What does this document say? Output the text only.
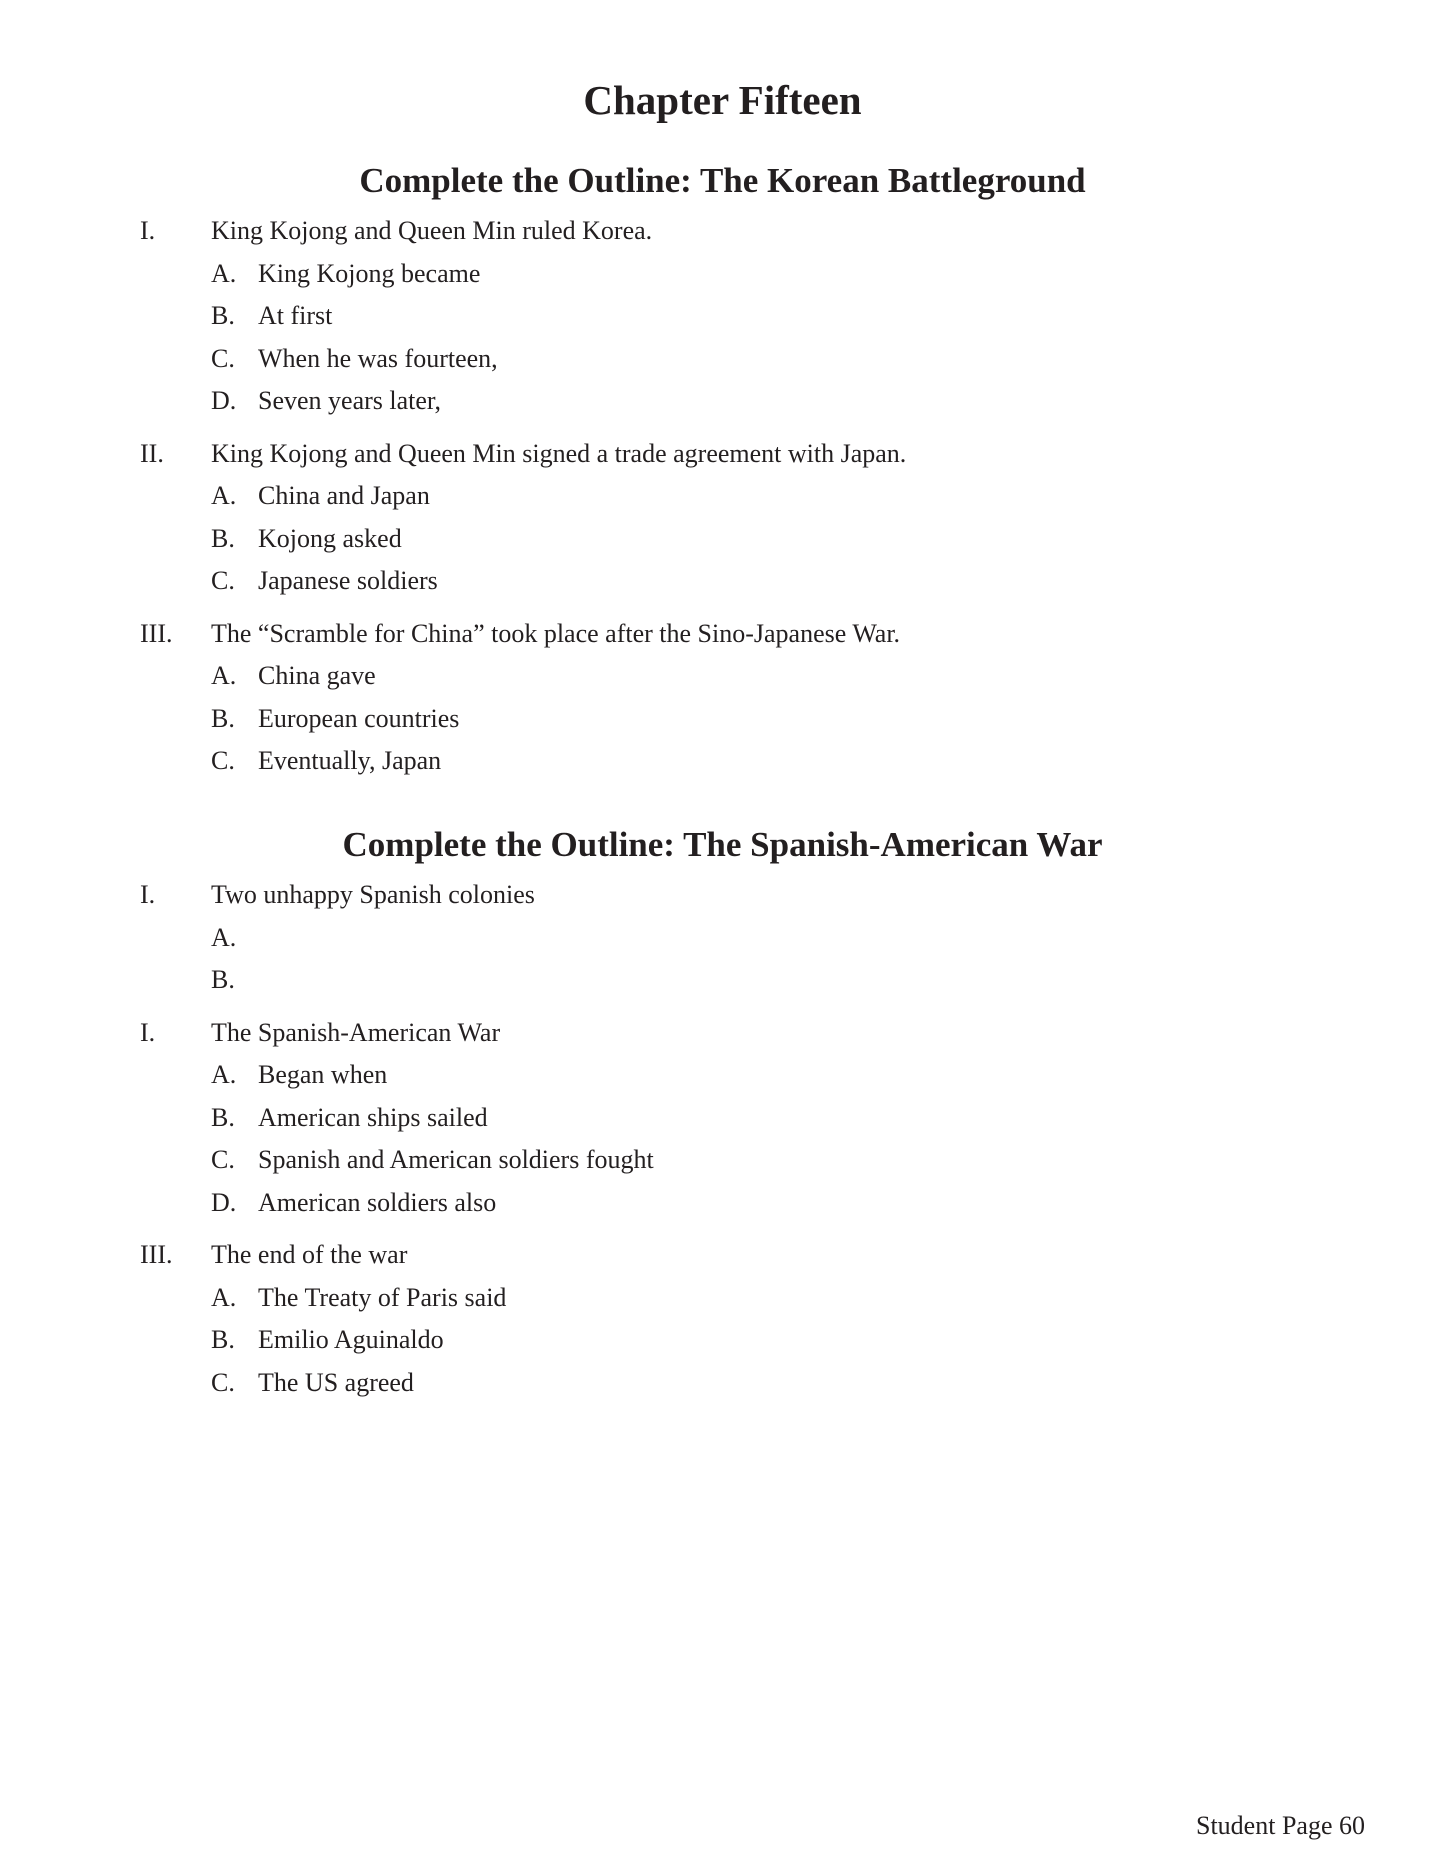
Chapter Fifteen
Complete the Outline: The Korean Battleground
I.	King Kojong and Queen Min ruled Korea.
A. King Kojong became
B. At first
C. When he was fourteen,
D. Seven years later,
II.	King Kojong and Queen Min signed a trade agreement with Japan.
A. China and Japan
B. Kojong asked
C. Japanese soldiers
III.	The “Scramble for China” took place after the Sino-Japanese War.
A. China gave
B. European countries
C. Eventually, Japan
Complete the Outline: The Spanish-American War
I.	Two unhappy Spanish colonies
A.
B.
I.	The Spanish-American War
A. Began when
B. American ships sailed
C. Spanish and American soldiers fought
D. American soldiers also
III.	The end of the war
A. The Treaty of Paris said
B. Emilio Aguinaldo
C. The US agreed
Student Page 60
